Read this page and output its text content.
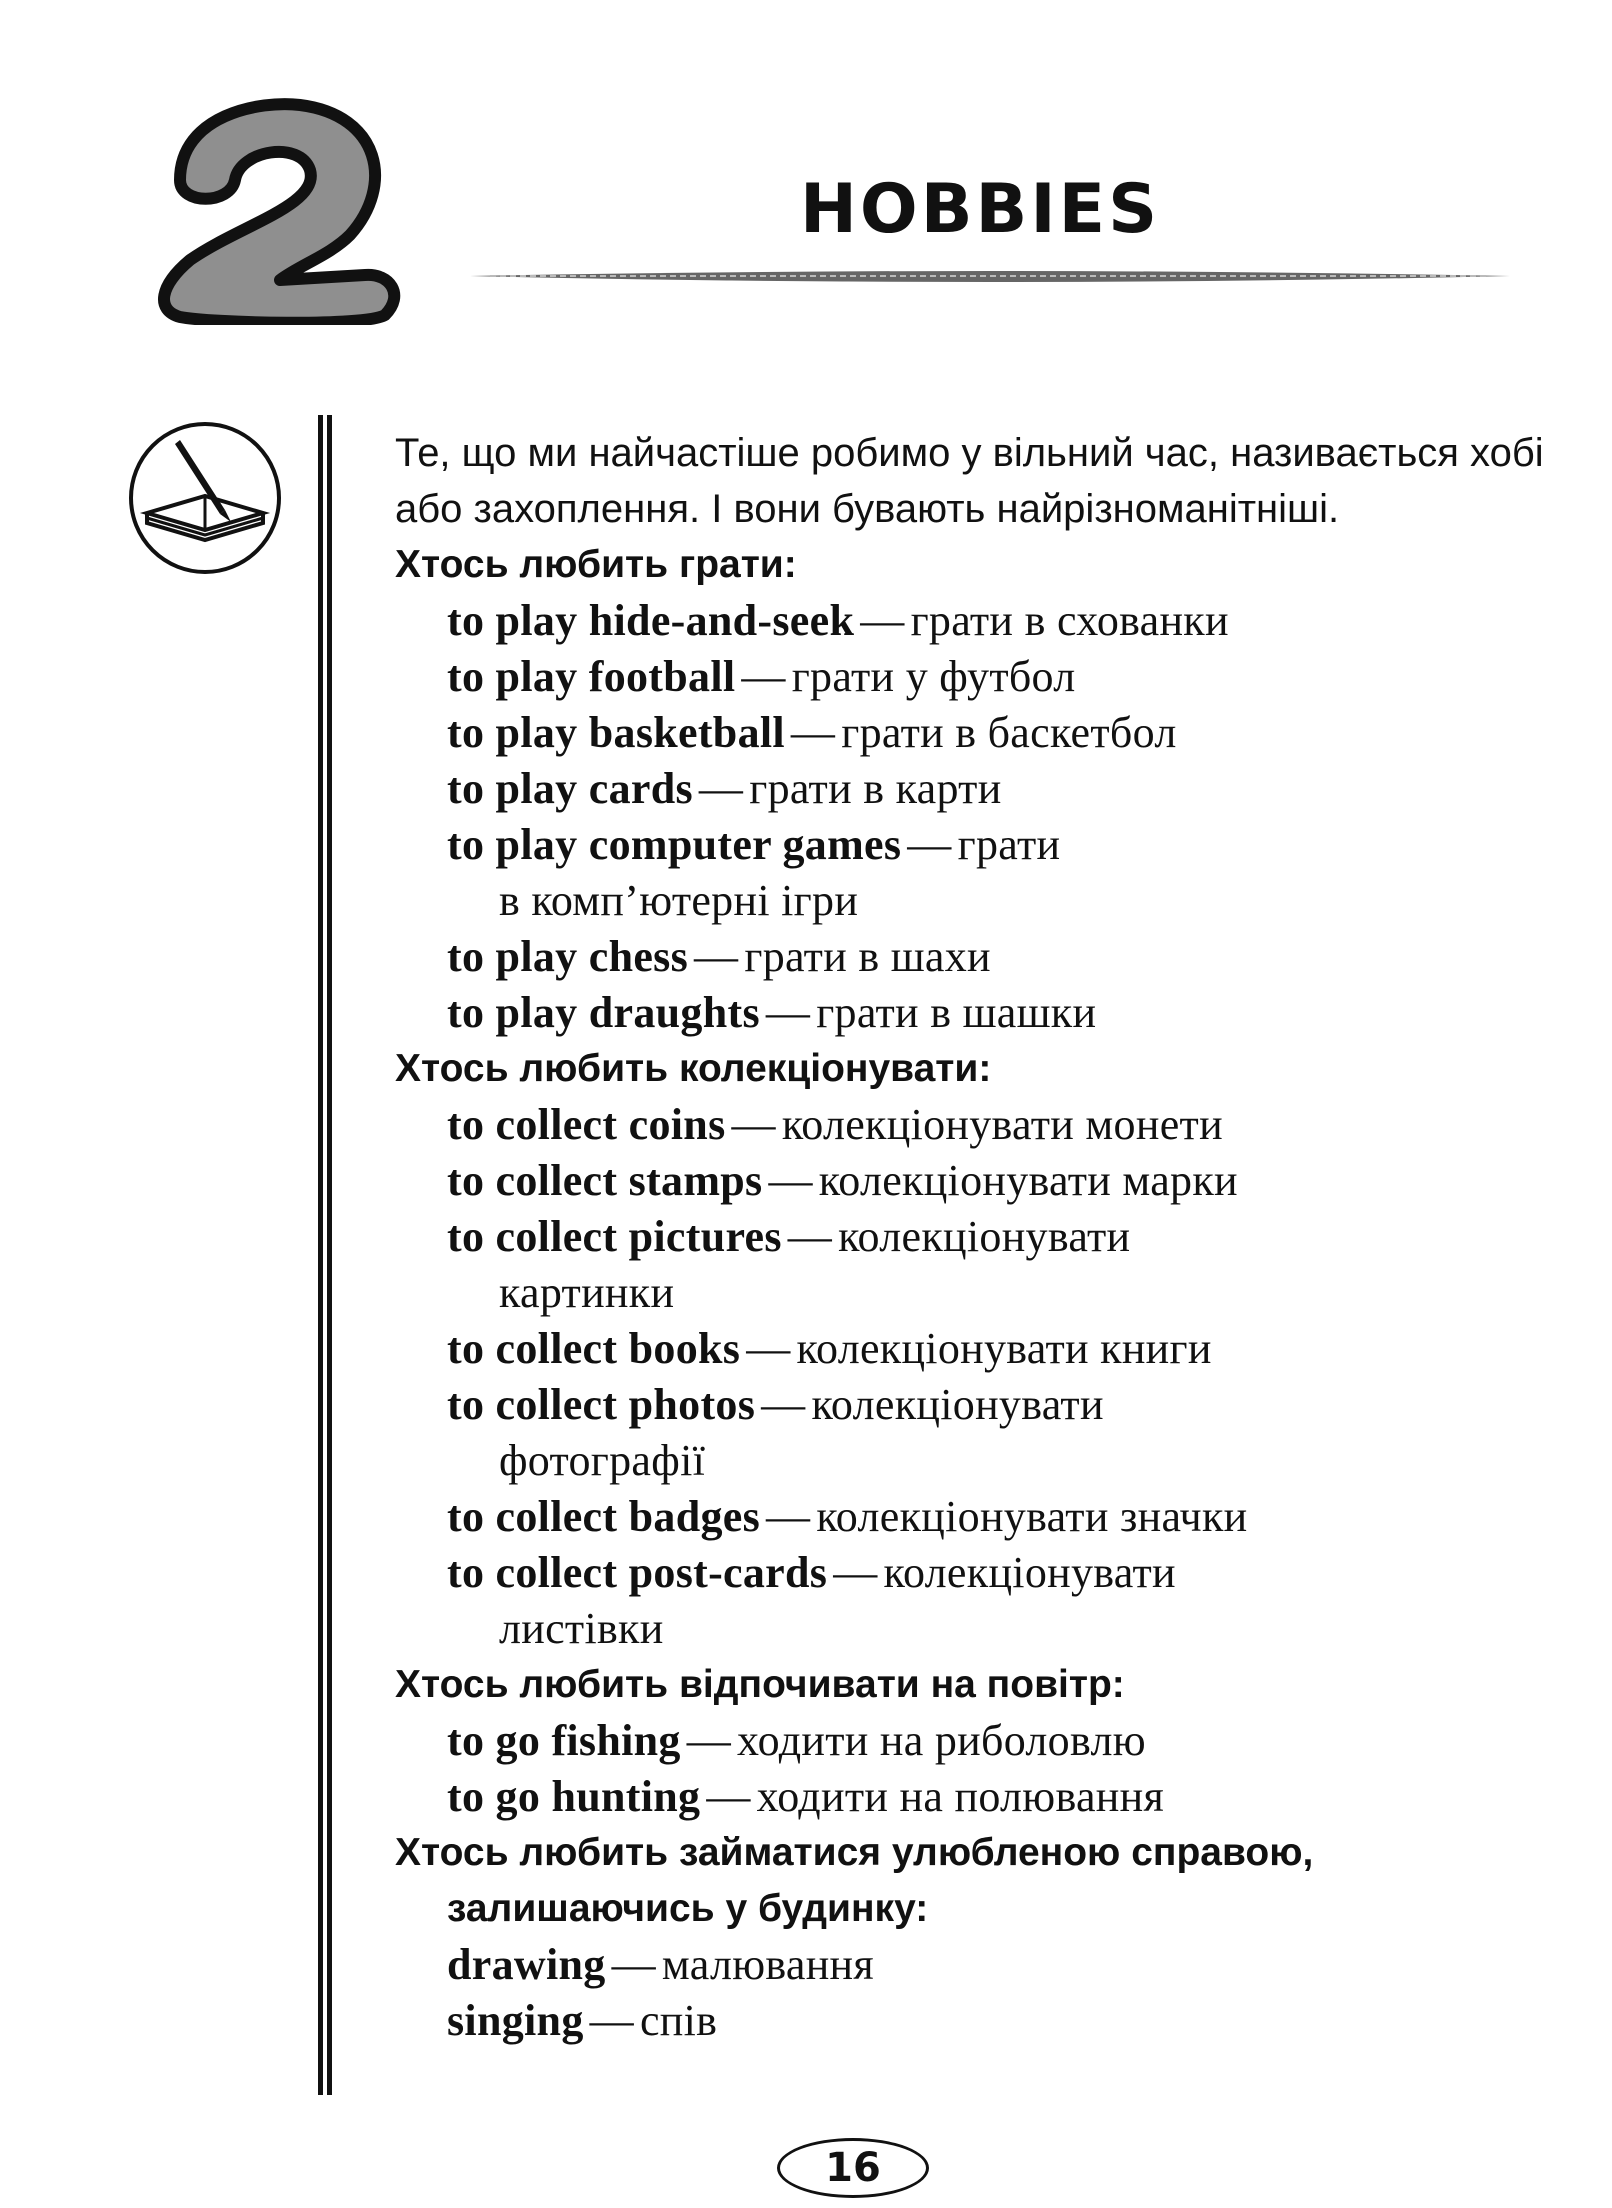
HOBBIES

Те, що ми найчастіше робимо у вільний час, називається хобі або захоплення. І вони бувають найрізноманітніші.

Хтось любить грати:

to play hide-and-seek — грати в схованки
to play football — грати у футбол
to play basketball — грати в баскетбол
to play cards — грати в карти
to play computer games — грати
в комп’ютерні ігри
to play chess — грати в шахи
to play draughts — грати в шашки

Хтось любить колекціонувати:

to collect coins — колекціонувати монети
to collect stamps — колекціонувати марки
to collect pictures — колекціонувати
картинки
to collect books — колекціонувати книги
to collect photos — колекціонувати
фотографії
to collect badges — колекціонувати значки
to collect post-cards — колекціонувати
листівки

Хтось любить відпочивати на повітр:

to go fishing — ходити на риболовлю
to go hunting — ходити на полювання

Хтось любить займатися улюбленою справою,

залишаючись у будинку:

drawing — малювання
singing — спів
16
